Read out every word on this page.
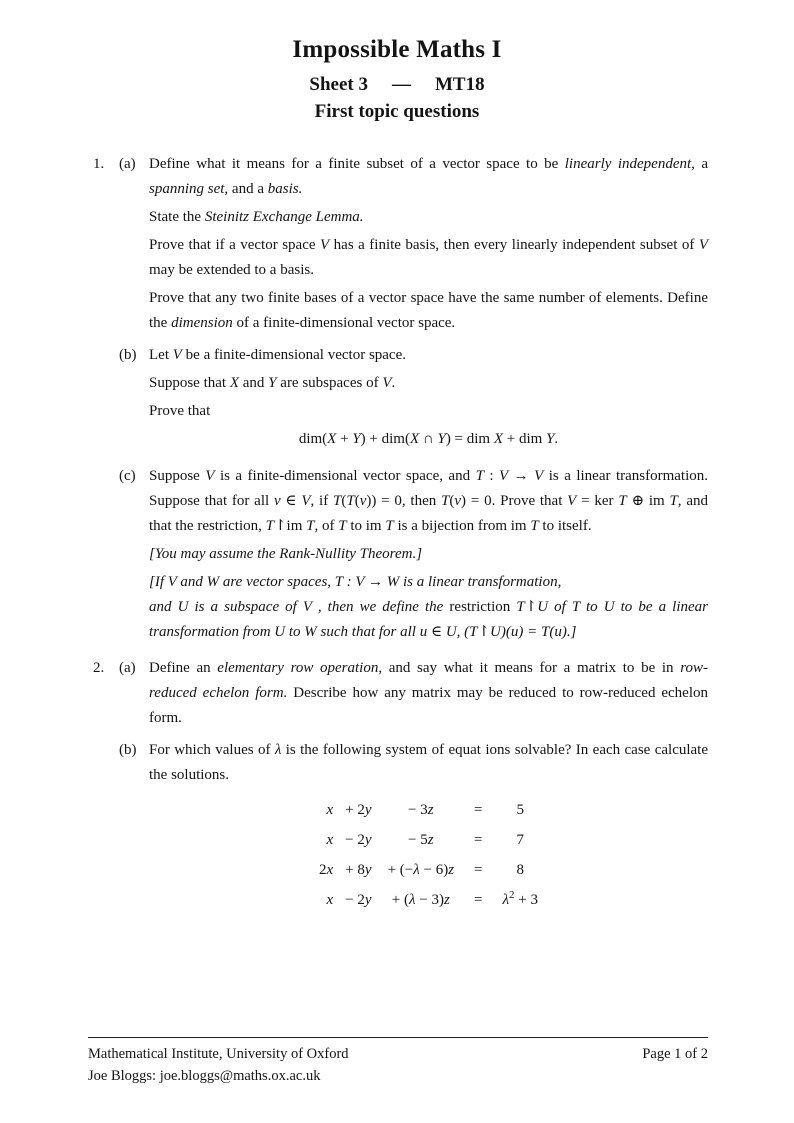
Impossible Maths I
Sheet 3 — MT18
First topic questions
1. (a) Define what it means for a finite subset of a vector space to be linearly independent, a spanning set, and a basis.

State the Steinitz Exchange Lemma.

Prove that if a vector space V has a finite basis, then every linearly independent subset of V may be extended to a basis.

Prove that any two finite bases of a vector space have the same number of elements. Define the dimension of a finite-dimensional vector space.

(b) Let V be a finite-dimensional vector space.

Suppose that X and Y are subspaces of V.

Prove that

dim(X + Y) + dim(X ∩ Y) = dim X + dim Y.
(c) Suppose V is a finite-dimensional vector space, and T : V → V is a linear transformation. Suppose that for all v ∈ V, if T(T(v)) = 0, then T(v) = 0. Prove that V = ker T ⊕ im T, and that the restriction, T↾im T, of T to im T is a bijection from im T to itself.

[You may assume the Rank-Nullity Theorem.]

[If V and W are vector spaces, T : V → W is a linear transformation,
and U is a subspace of V , then we define the restriction T↾U of T to U to be a linear transformation from U to W such that for all u ∈ U, (T↾U)(u) = T(u).]

2. (a) Define an elementary row operation, and say what it means for a matrix to be in row-reduced echelon form. Describe how any matrix may be reduced to row-reduced echelon form.

(b) For which values of λ is the following system of equat ions solvable? In each case calculate the solutions.

x	+ 2y	− 3z	=	5
x	− 2y	− 5z	=	7
2x	+ 8y	+ (−λ − 6)z	=	8
x	− 2y	+ (λ − 3)z	=	$\lambda^2 + 3$
Mathematical Institute, University of Oxford	Page 1 of 2
Joe Bloggs: joe.bloggs@maths.ox.ac.uk
